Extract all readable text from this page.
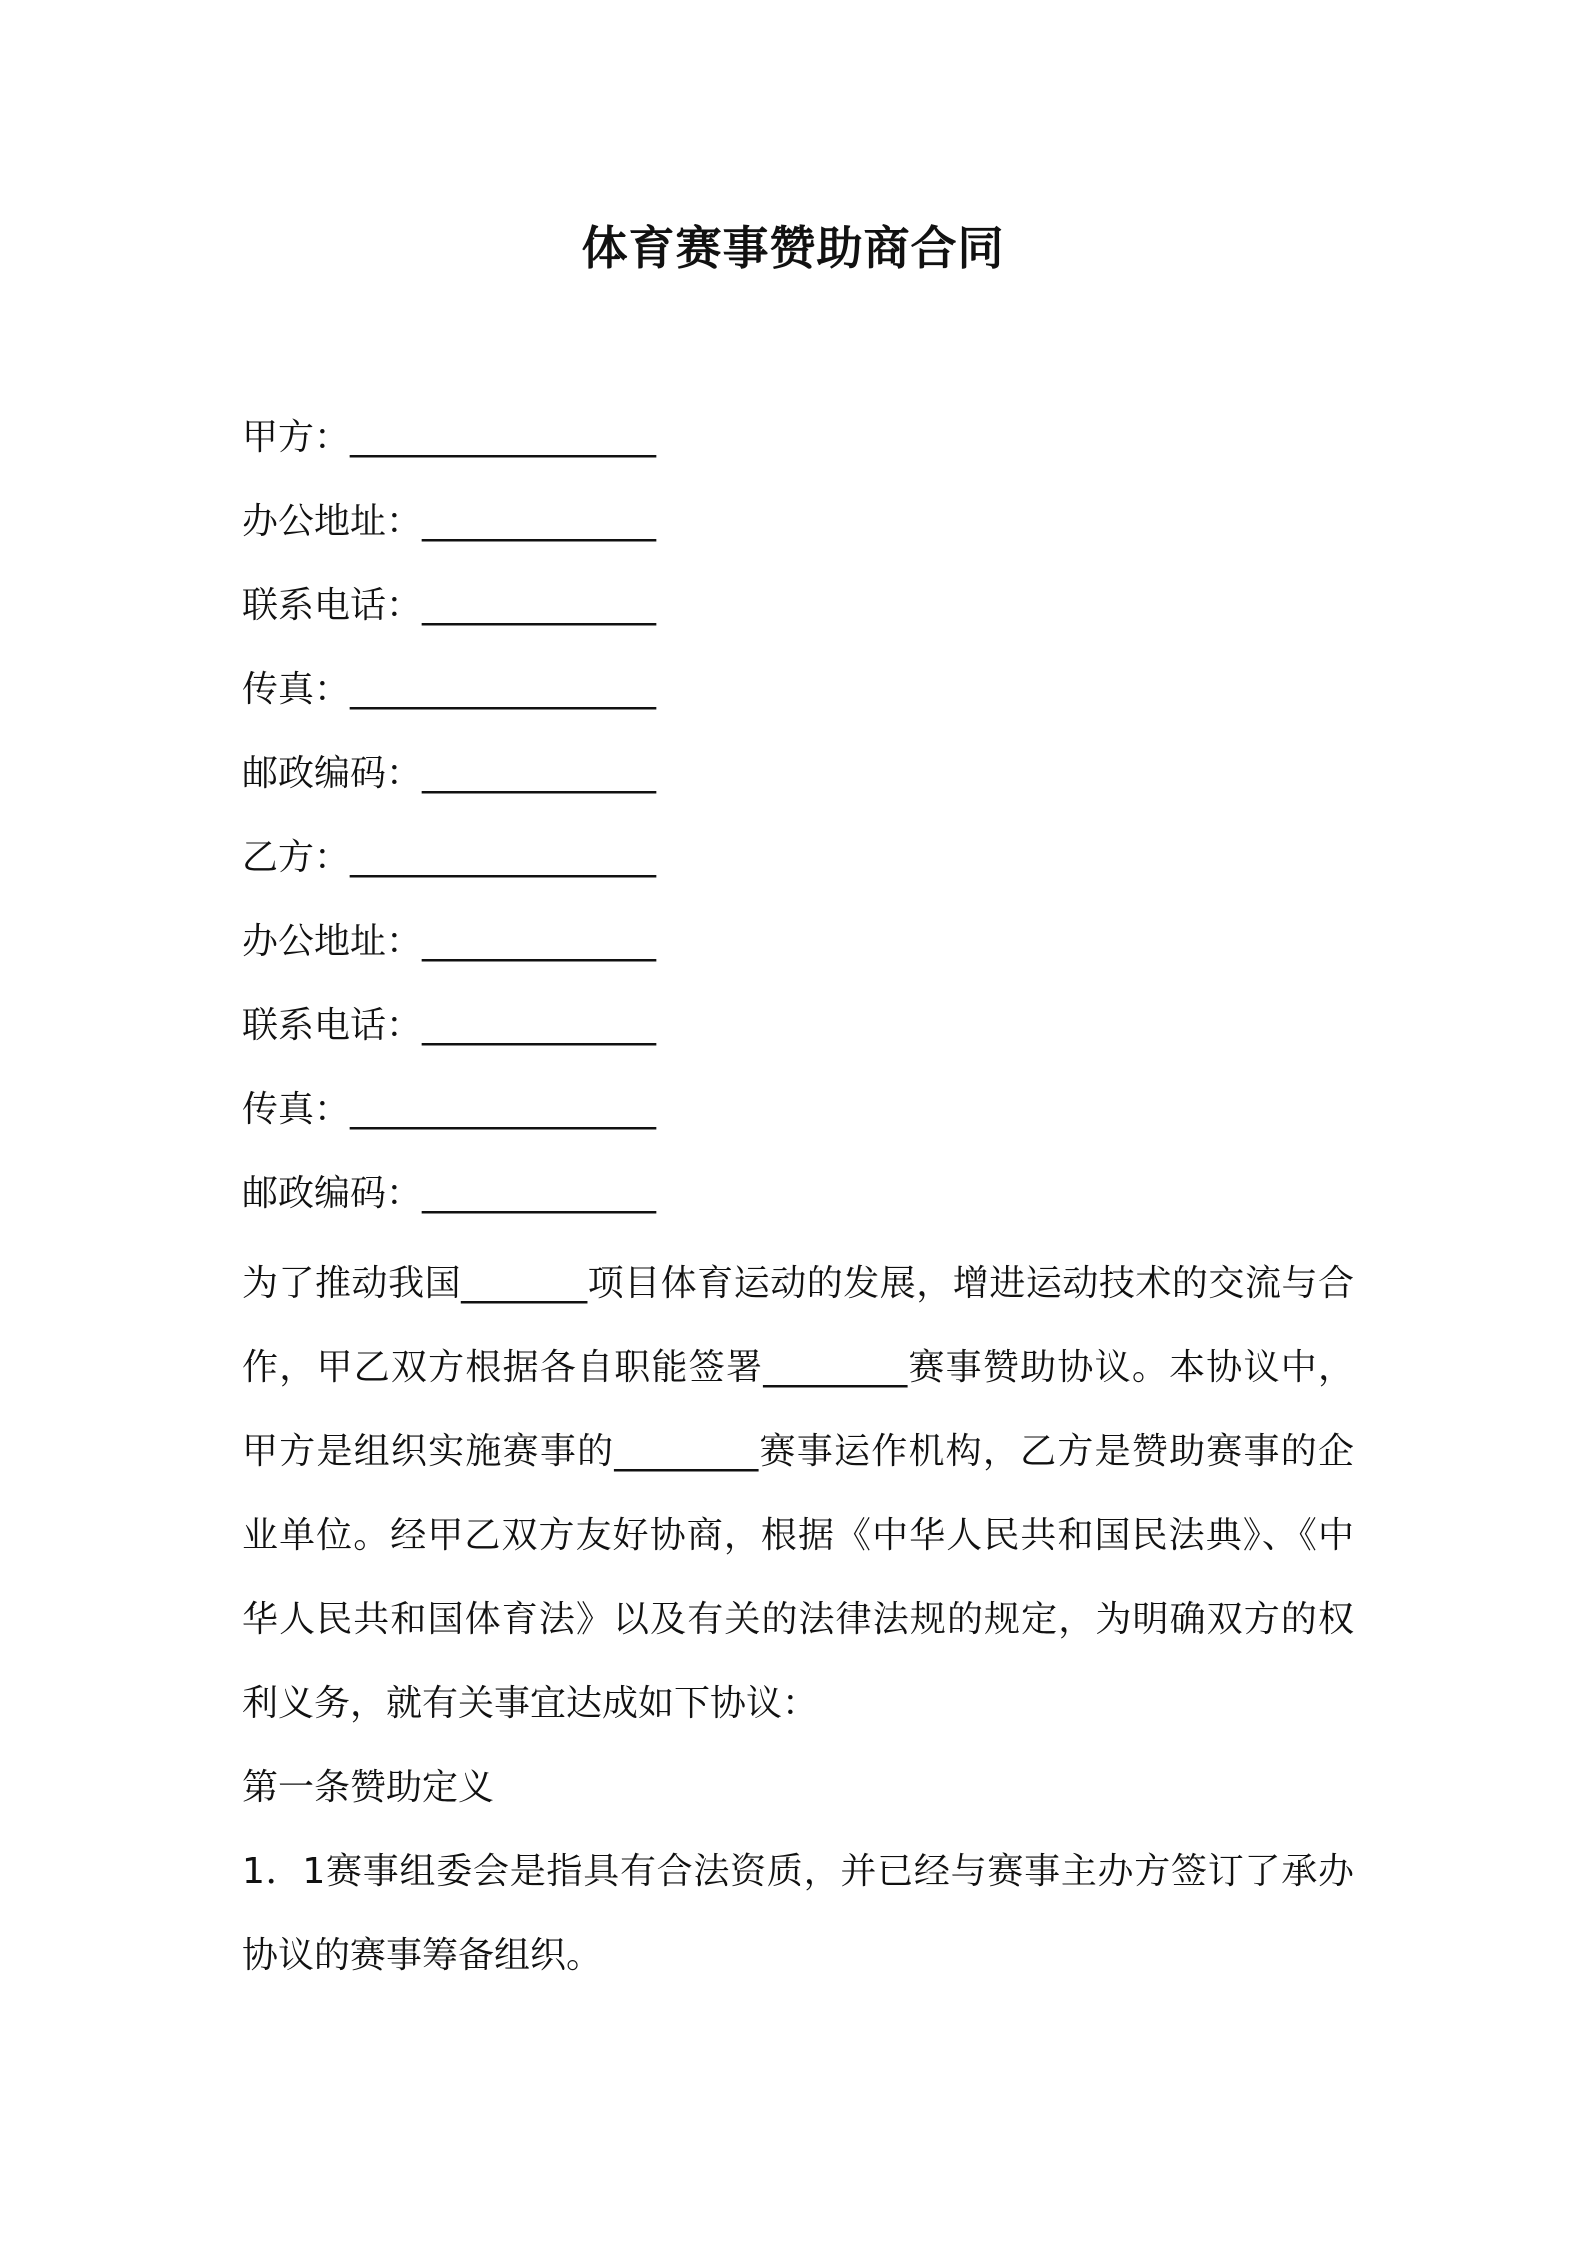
体育赛事赞助商合同
甲方：_________________
办公地址：_____________
联系电话：_____________
传真：_________________
邮政编码：_____________
乙方：_________________
办公地址：_____________
联系电话：_____________
传真：_________________
邮政编码：_____________

为了推动我国_______项目体育运动的发展，增进运动技术的交流与合作，甲乙双方根据各自职能签署________赛事赞助协议。本协议中，甲方是组织实施赛事的________赛事运作机构，乙方是赞助赛事的企业单位。经甲乙双方友好协商，根据《中华人民共和国民法典》、《中华人民共和国体育法》以及有关的法律法规的规定，为明确双方的权利义务，就有关事宜达成如下协议：

第一条赞助定义

1．1赛事组委会是指具有合法资质，并已经与赛事主办方签订了承办协议的赛事筹备组织。
